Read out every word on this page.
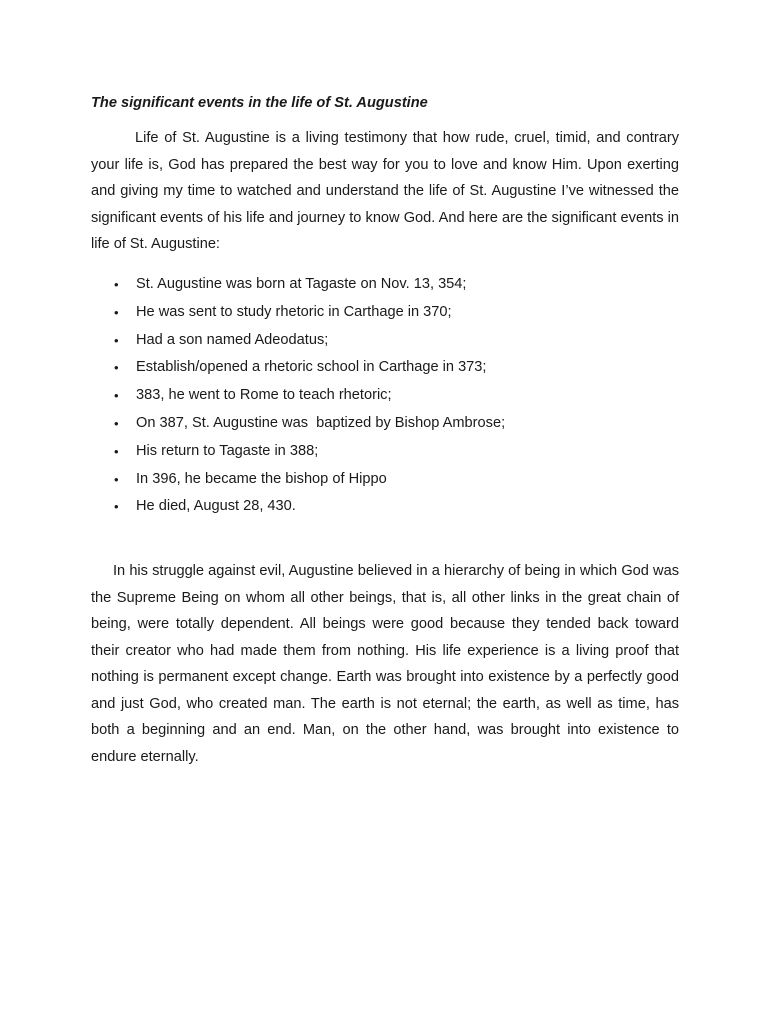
The significant events in the life of St. Augustine

Life of St. Augustine is a living testimony that how rude, cruel, timid, and contrary your life is, God has prepared the best way for you to love and know Him. Upon exerting and giving my time to watched and understand the life of St. Augustine I’ve witnessed the significant events of his life and journey to know God. And here are the significant events in life of St. Augustine:

• St. Augustine was born at Tagaste on Nov. 13, 354;
• He was sent to study rhetoric in Carthage in 370;
• Had a son named Adeodatus;
• Establish/opened a rhetoric school in Carthage in 373;
• 383, he went to Rome to teach rhetoric;
• On 387, St. Augustine was  baptized by Bishop Ambrose;
• His return to Tagaste in 388;
• In 396, he became the bishop of Hippo
• He died, August 28, 430.

In his struggle against evil, Augustine believed in a hierarchy of being in which God was the Supreme Being on whom all other beings, that is, all other links in the great chain of being, were totally dependent. All beings were good because they tended back toward their creator who had made them from nothing. His life experience is a living proof that nothing is permanent except change. Earth was brought into existence by a perfectly good and just God, who created man. The earth is not eternal; the earth, as well as time, has both a beginning and an end. Man, on the other hand, was brought into existence to endure eternally.
